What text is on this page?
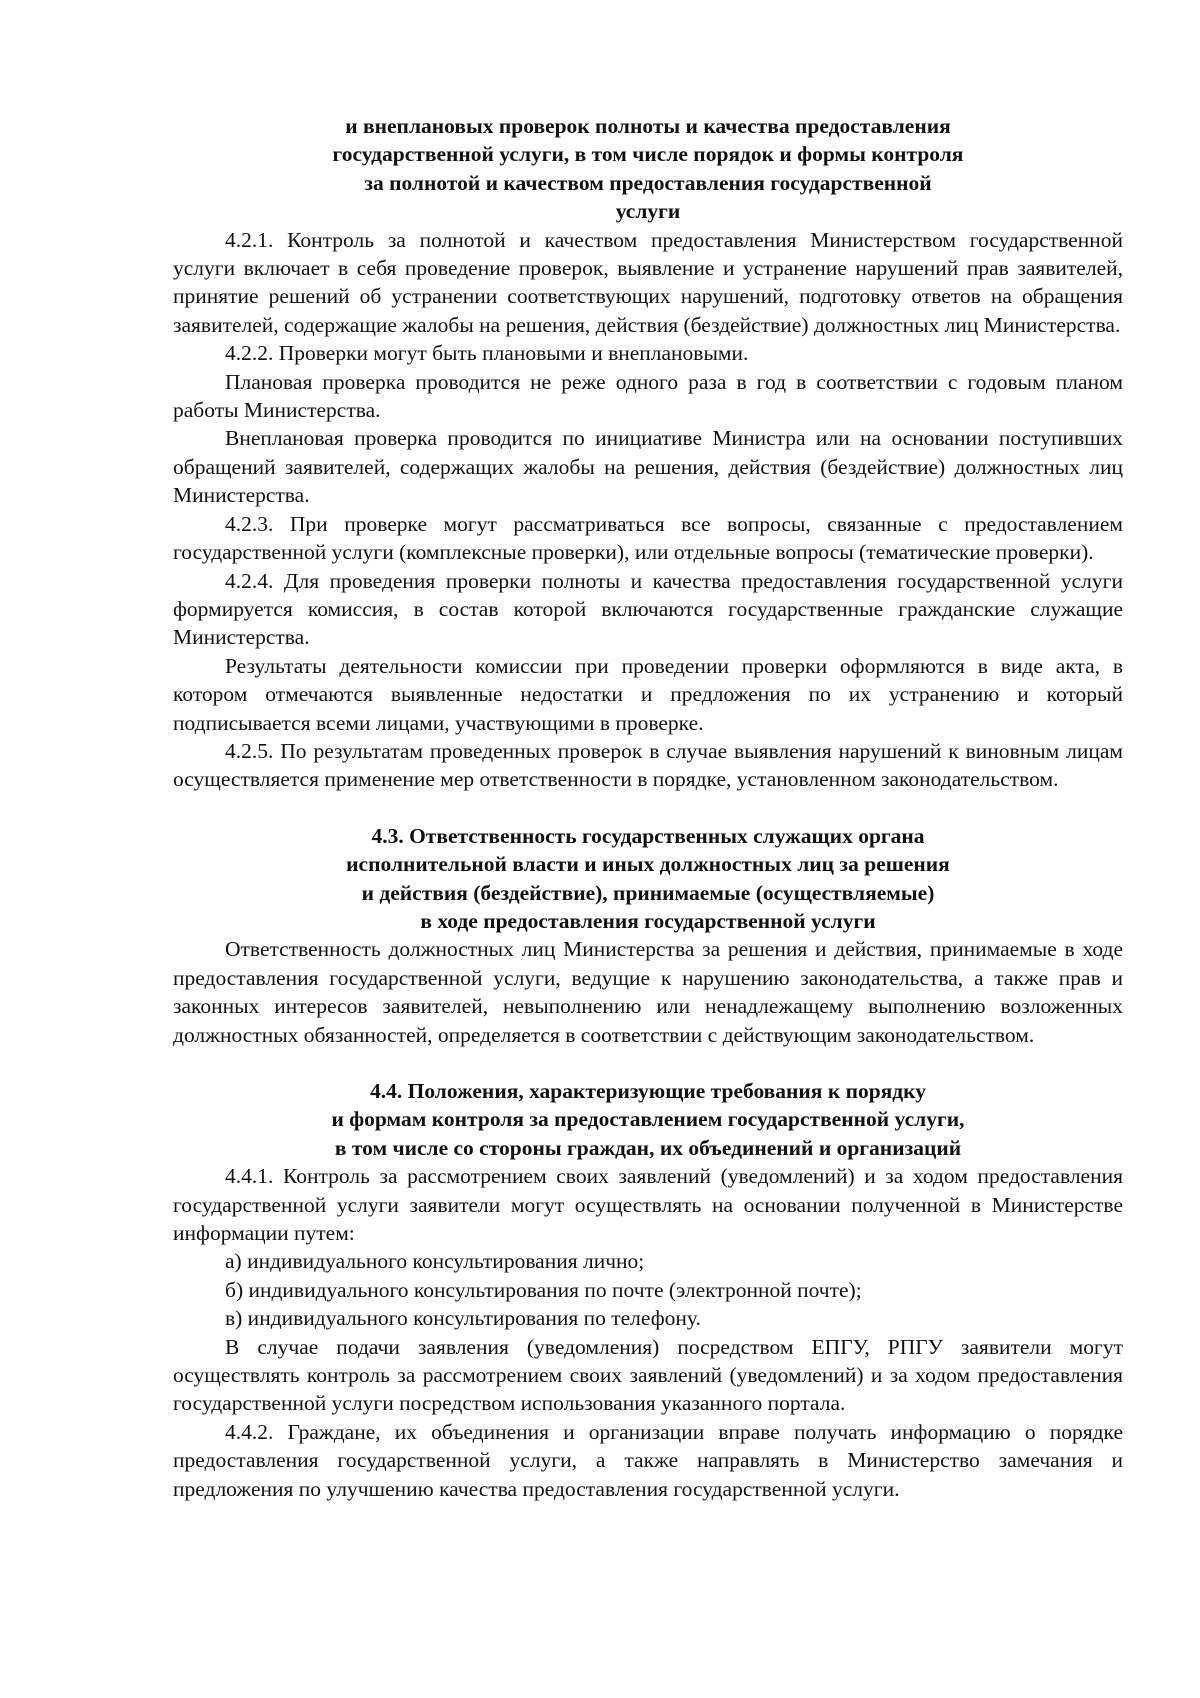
и внеплановых проверок полноты и качества предоставления
государственной услуги, в том числе порядок и формы контроля
за полнотой и качеством предоставления государственной
услуги

4.2.1. Контроль за полнотой и качеством предоставления Министерством государственной услуги включает в себя проведение проверок, выявление и устранение нарушений прав заявителей, принятие решений об устранении соответствующих нарушений, подготовку ответов на обращения заявителей, содержащие жалобы на решения, действия (бездействие) должностных лиц Министерства.

4.2.2. Проверки могут быть плановыми и внеплановыми.

Плановая проверка проводится не реже одного раза в год в соответствии с годовым планом работы Министерства.

Внеплановая проверка проводится по инициативе Министра или на основании поступивших обращений заявителей, содержащих жалобы на решения, действия (бездействие) должностных лиц Министерства.

4.2.3. При проверке могут рассматриваться все вопросы, связанные с предоставлением государственной услуги (комплексные проверки), или отдельные вопросы (тематические проверки).

4.2.4. Для проведения проверки полноты и качества предоставления государственной услуги формируется комиссия, в состав которой включаются государственные гражданские служащие Министерства.

Результаты деятельности комиссии при проведении проверки оформляются в виде акта, в котором отмечаются выявленные недостатки и предложения по их устранению и который подписывается всеми лицами, участвующими в проверке.

4.2.5. По результатам проведенных проверок в случае выявления нарушений к виновным лицам осуществляется применение мер ответственности в порядке, установленном законодательством.

4.3. Ответственность государственных служащих органа
исполнительной власти и иных должностных лиц за решения
и действия (бездействие), принимаемые (осуществляемые)
в ходе предоставления государственной услуги

Ответственность должностных лиц Министерства за решения и действия, принимаемые в ходе предоставления государственной услуги, ведущие к нарушению законодательства, а также прав и законных интересов заявителей, невыполнению или ненадлежащему выполнению возложенных должностных обязанностей, определяется в соответствии с действующим законодательством.

4.4. Положения, характеризующие требования к порядку
и формам контроля за предоставлением государственной услуги,
в том числе со стороны граждан, их объединений и организаций

4.4.1. Контроль за рассмотрением своих заявлений (уведомлений) и за ходом предоставления государственной услуги заявители могут осуществлять на основании полученной в Министерстве информации путем:

а) индивидуального консультирования лично;

б) индивидуального консультирования по почте (электронной почте);

в) индивидуального консультирования по телефону.

В случае подачи заявления (уведомления) посредством ЕПГУ, РПГУ заявители могут осуществлять контроль за рассмотрением своих заявлений (уведомлений) и за ходом предоставления государственной услуги посредством использования указанного портала.

4.4.2. Граждане, их объединения и организации вправе получать информацию о порядке предоставления государственной услуги, а также направлять в Министерство замечания и предложения по улучшению качества предоставления государственной услуги.
